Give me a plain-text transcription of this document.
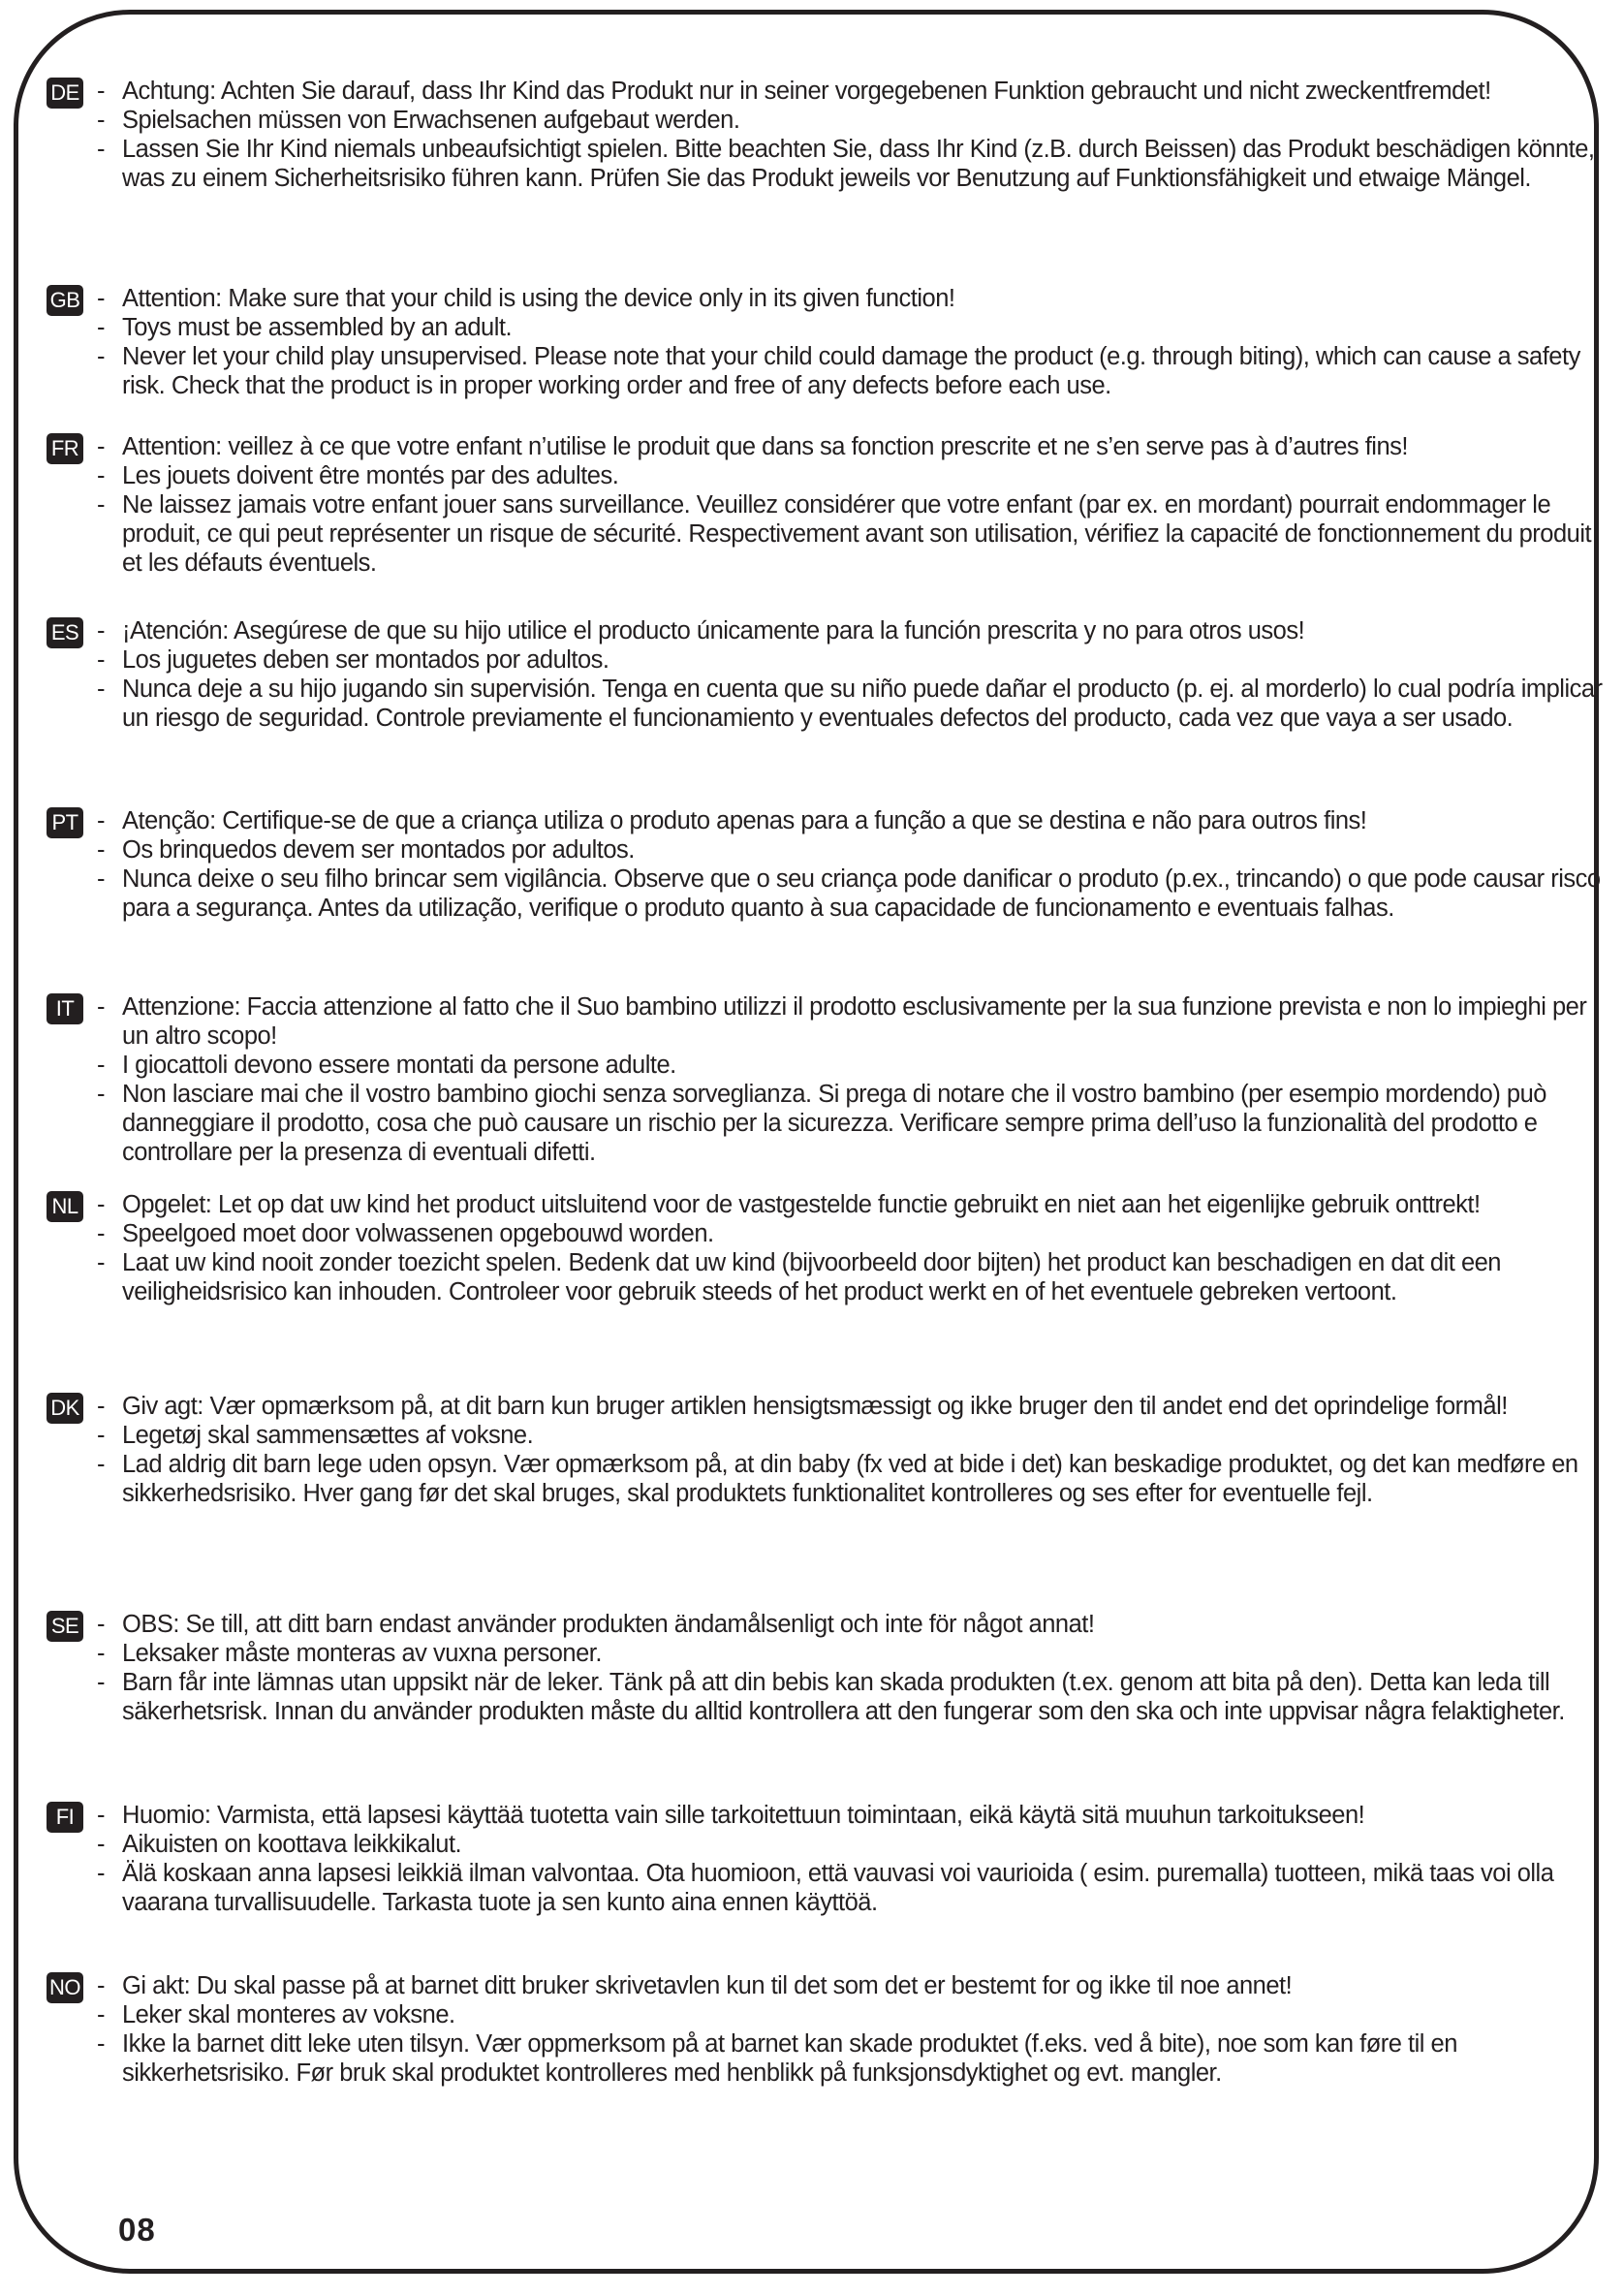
DE - Achtung: Achten Sie darauf, dass Ihr Kind das Produkt nur in seiner vorgegebenen Funktion gebraucht und nicht zweckentfremdet!
- Spielsachen müssen von Erwachsenen aufgebaut werden.
- Lassen Sie Ihr Kind niemals unbeaufsichtigt spielen. Bitte beachten Sie, dass Ihr Kind (z.B. durch Beissen) das Produkt beschädigen könnte, was zu einem Sicherheitsrisiko führen kann. Prüfen Sie das Produkt jeweils vor Benutzung auf Funktionsfähigkeit und etwaige Mängel.
GB - Attention: Make sure that your child is using the device only in its given function!
- Toys must be assembled by an adult.
- Never let your child play unsupervised. Please note that your child could damage the product (e.g. through biting), which can cause a safety risk. Check that the product is in proper working order and free of any defects before each use.
FR - Attention: veillez à ce que votre enfant n’utilise le produit que dans sa fonction prescrite et ne s’en serve pas à d’autres fins!
- Les jouets doivent être montés par des adultes.
- Ne laissez jamais votre enfant jouer sans surveillance. Veuillez considérer que votre enfant (par ex. en mordant) pourrait endommager le produit, ce qui peut représenter un risque de sécurité. Respectivement avant son utilisation, vérifiez la capacité de fonctionnement du produit et les défauts éventuels.
ES - ¡Atención: Asegúrese de que su hijo utilice el producto únicamente para la función prescrita y no para otros usos!
- Los juguetes deben ser montados por adultos.
- Nunca deje a su hijo jugando sin supervisión. Tenga en cuenta que su niño puede dañar el producto (p. ej. al morderlo) lo cual podría implicar un riesgo de seguridad. Controle previamente el funcionamiento y eventuales defectos del producto, cada vez que vaya a ser usado.
PT - Atenção: Certifique-se de que a criança utiliza o produto apenas para a função a que se destina e não para outros fins!
- Os brinquedos devem ser montados por adultos.
- Nunca deixe o seu filho brincar sem vigilância. Observe que o seu criança pode danificar o produto (p.ex., trincando) o que pode causar risco para a segurança. Antes da utilização, verifique o produto quanto à sua capacidade de funcionamento e eventuais falhas.
IT - Attenzione: Faccia attenzione al fatto che il Suo bambino utilizzi il prodotto esclusivamente per la sua funzione prevista e non lo impieghi per un altro scopo!
- I giocattoli devono essere montati da persone adulte.
- Non lasciare mai che il vostro bambino giochi senza sorveglianza. Si prega di notare che il vostro bambino (per esempio mordendo) può danneggiare il prodotto, cosa che può causare un rischio per la sicurezza. Verificare sempre prima dell’uso la funzionalità del prodotto e controllare per la presenza di eventuali difetti.
NL - Opgelet: Let op dat uw kind het product uitsluitend voor de vastgestelde functie gebruikt en niet aan het eigenlijke gebruik onttrekt!
- Speelgoed moet door volwassenen opgebouwd worden.
- Laat uw kind nooit zonder toezicht spelen. Bedenk dat uw kind (bijvoorbeeld door bijten) het product kan beschadigen en dat dit een veiligheidsrisico kan inhouden. Controleer voor gebruik steeds of het product werkt en of het eventuele gebreken vertoont.
DK - Giv agt: Vær opmærksom på, at dit barn kun bruger artiklen hensigtsmæssigt og ikke bruger den til andet end det oprindelige formål!
- Legetøj skal sammensættes af voksne.
- Lad aldrig dit barn lege uden opsyn. Vær opmærksom på, at din baby (fx ved at bide i det) kan beskadige produktet, og det kan medføre en sikkerhedsrisiko. Hver gang før det skal bruges, skal produktets funktionalitet kontrolleres og ses efter for eventuelle fejl.
SE - OBS: Se till, att ditt barn endast använder produkten ändamålsenligt och inte för något annat!
- Leksaker måste monteras av vuxna personer.
- Barn får inte lämnas utan uppsikt när de leker. Tänk på att din bebis kan skada produkten (t.ex. genom att bita på den). Detta kan leda till säkerhetsrisk. Innan du använder produkten måste du alltid kontrollera att den fungerar som den ska och inte uppvisar några felaktigheter.
FI - Huomio: Varmista, että lapsesi käyttää tuotetta vain sille tarkoitettuun toimintaan, eikä käytä sitä muuhun tarkoitukseen!
- Aikuisten on koottava leikkikalut.
- Älä koskaan anna lapsesi leikkiä ilman valvontaa. Ota huomioon, että vauvasi voi vaurioida ( esim. puremalla) tuotteen, mikä taas voi olla vaarana turvallisuudelle. Tarkasta tuote ja sen kunto aina ennen käyttöä.
NO - Gi akt: Du skal passe på at barnet ditt bruker skrivetavlen kun til det som det er bestemt for og ikke til noe annet!
- Leker skal monteres av voksne.
- Ikke la barnet ditt leke uten tilsyn. Vær oppmerksom på at barnet kan skade produktet (f.eks. ved å bite), noe som kan føre til en sikkerhetsrisiko. Før bruk skal produktet kontrolleres med henblikk på funksjonsdyktighet og evt. mangler.
08
